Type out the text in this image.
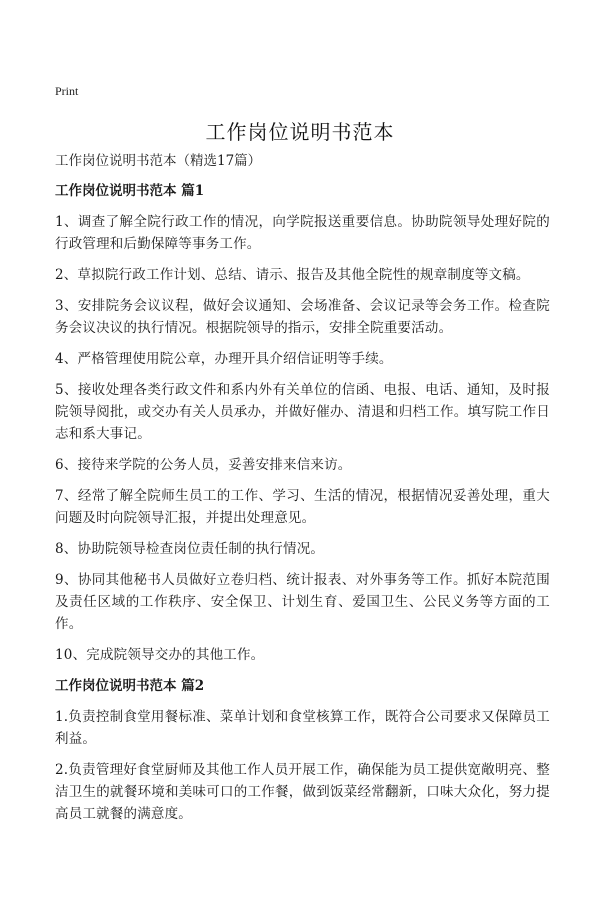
Print
工作岗位说明书范本

工作岗位说明书范本（精选17篇）

工作岗位说明书范本 篇1

1、调查了解全院行政工作的情况，向学院报送重要信息。协助院领导处理好院的行政管理和后勤保障等事务工作。

2、草拟院行政工作计划、总结、请示、报告及其他全院性的规章制度等文稿。

3、安排院务会议议程，做好会议通知、会场准备、会议记录等会务工作。检查院务会议决议的执行情况。根据院领导的指示，安排全院重要活动。

4、严格管理使用院公章，办理开具介绍信证明等手续。

5、接收处理各类行政文件和系内外有关单位的信函、电报、电话、通知，及时报院领导阅批，或交办有关人员承办，并做好催办、清退和归档工作。填写院工作日志和系大事记。

6、接待来学院的公务人员，妥善安排来信来访。

7、经常了解全院师生员工的工作、学习、生活的情况，根据情况妥善处理，重大问题及时向院领导汇报，并提出处理意见。

8、协助院领导检查岗位责任制的执行情况。

9、协同其他秘书人员做好立卷归档、统计报表、对外事务等工作。抓好本院范围及责任区域的工作秩序、安全保卫、计划生育、爱国卫生、公民义务等方面的工作。

10、完成院领导交办的其他工作。

工作岗位说明书范本 篇2

1.负责控制食堂用餐标准、菜单计划和食堂核算工作，既符合公司要求又保障员工利益。

2.负责管理好食堂厨师及其他工作人员开展工作，确保能为员工提供宽敞明亮、整洁卫生的就餐环境和美味可口的工作餐，做到饭菜经常翻新，口味大众化，努力提高员工就餐的满意度。
